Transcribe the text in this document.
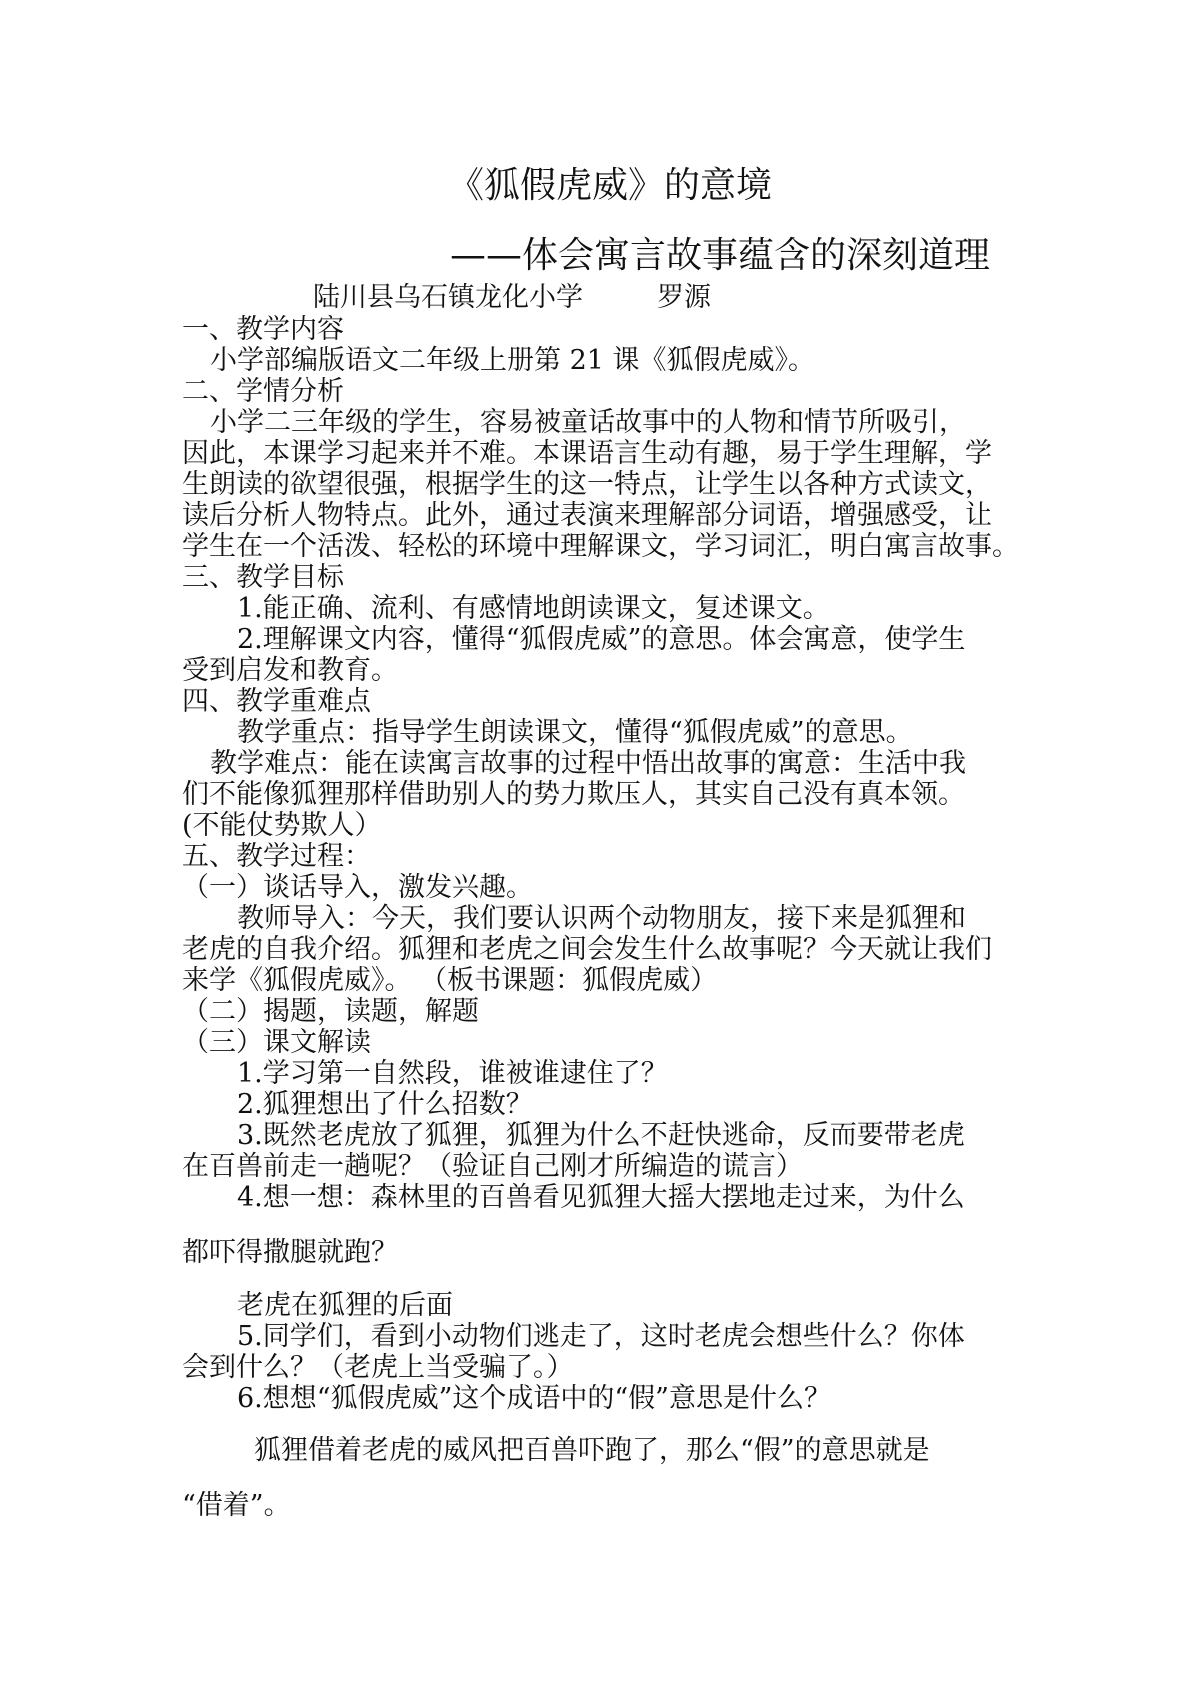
《狐假虎威》的意境
——体会寓言故事蕴含的深刻道理
陆川县乌石镇龙化小学	罗源
一、教学内容
小学部编版语文二年级上册第 21 课《狐假虎威》。
二、学情分析
小学二三年级的学生，容易被童话故事中的人物和情节所吸引，
因此，本课学习起来并不难。本课语言生动有趣，易于学生理解，学
生朗读的欲望很强，根据学生的这一特点，让学生以各种方式读文，
读后分析人物特点。此外，通过表演来理解部分词语，增强感受，让
学生在一个活泼、轻松的环境中理解课文，学习词汇，明白寓言故事。
三、教学目标
1.能正确、流利、有感情地朗读课文，复述课文。
2.理解课文内容，懂得“狐假虎威”的意思。体会寓意，使学生
受到启发和教育。
四、教学重难点
教学重点：指导学生朗读课文，懂得“狐假虎威”的意思。
教学难点：能在读寓言故事的过程中悟出故事的寓意：生活中我
们不能像狐狸那样借助别人的势力欺压人，其实自己没有真本领。
(不能仗势欺人）
五、教学过程：
（一）谈话导入，激发兴趣。
教师导入：今天，我们要认识两个动物朋友，接下来是狐狸和
老虎的自我介绍。狐狸和老虎之间会发生什么故事呢？今天就让我们
来学《狐假虎威》。 （板书课题：狐假虎威）
（二）揭题，读题，解题
（三）课文解读
1.学习第一自然段，谁被谁逮住了？
2.狐狸想出了什么招数？
3.既然老虎放了狐狸，狐狸为什么不赶快逃命，反而要带老虎
在百兽前走一趟呢？（验证自己刚才所编造的谎言）
4.想一想：森林里的百兽看见狐狸大摇大摆地走过来，为什么
都吓得撒腿就跑？
老虎在狐狸的后面
5.同学们，看到小动物们逃走了，这时老虎会想些什么？你体
会到什么？（老虎上当受骗了。）
6.想想“狐假虎威”这个成语中的“假”意思是什么？
狐狸借着老虎的威风把百兽吓跑了，那么“假”的意思就是
“借着”。
